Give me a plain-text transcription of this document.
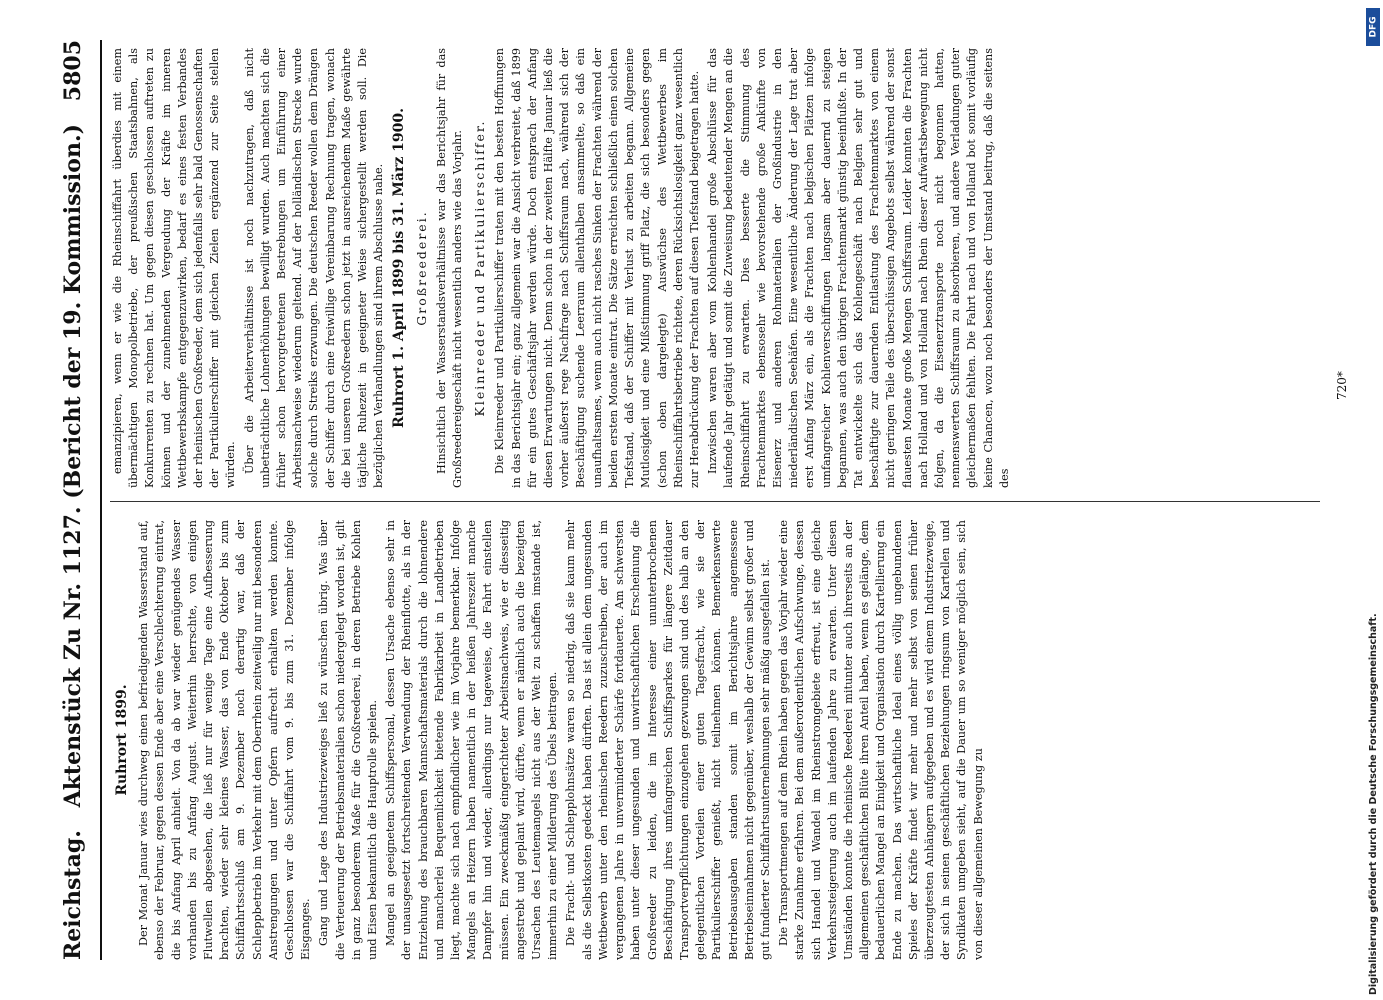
Reichstag.
Aktenstück Zu Nr. 1127. (Bericht der 19. Kommission.)
5805
Ruhrort 1899. Der Monat Januar wies durchweg einen befriedigenden Wasserstand auf, ebenso der Februar, gegen dessen Ende aber eine Verschlechterung eintrat, die bis Anfang April anhielt. Von da ab war wieder genügendes Wasser vorhanden bis zu Anfang August. Weiterhin herrschte, von einigen Flutwellen abgesehen, die ließ nur für wenige Tage eine Aufbesserung brachten, wieder sehr kleines Wasser, das von Ende Oktober bis zum Schiffahrtsschluß am 9. Dezember noch derartig war, daß der Schleppbetrieb im Verkehr mit dem Oberrhein zeitweilig nur mit besonderen Anstrengungen und unter Opfern aufrecht erhalten werden konnte. Geschlossen war die Schiffahrt vom 9. bis zum 31. Dezember infolge Eisganges. Gang und Lage des Industriezweiges ließ zu wünschen übrig. Was über die Verteuerung der Betriebsmaterialien schon niedergelegt worden ist, gilt in ganz besonderem Maße für die Großreederei, in deren Betriebe Kohlen und Eisen bekanntlich die Hauptrolle spielen. Mangel an geeignetem Schiffspersonal, dessen Ursache ebenso sehr in der unausgesetzt fortschreitenden Verwendung der Rheinflotte, als in der Entziehung des brauchbaren Mannschaftsmaterials durch die lohnendere und mancherlei Bequemlichkeit bietende Fabrikarbeit in Landbetrieben liegt, machte sich nach empfindlicher wie im Vorjahre bemerkbar. Infolge Mangels an Heizern haben namentlich in der heißen Jahreszeit manche Dampfer hin und wieder, allerdings nur tageweise, die Fahrt einstellen müssen. Ein zweckmäßig eingerichteter Arbeitsnachweis, wie er diesseitig angestrebt und geplant wird, dürfte, wenn er nämlich auch die bezeigten Ursachen des Leutemangels nicht aus der Welt zu schaffen imstande ist, immerhin zu einer Milderung des Übels beitragen. Die Fracht- und Schlepplohnsätze waren so niedrig, daß sie kaum mehr als die Selbstkosten gedeckt haben dürften. Das ist allein dem ungesunden Wettbewerb unter den rheinischen Reedern zuzuschreiben, der auch im vergangenen Jahre in unverminderter Schärfe fortdauerte. Am schwersten haben unter dieser ungesunden und unwirtschaftlichen Erscheinung die Großreeder zu leiden, die im Interesse einer ununterbrochenen Beschäftigung ihres umfangreichen Schiffsparkes für längere Zeitdauer Transportverpflichtungen einzugehen gezwungen sind und des halb an den gelegentlichen Vorteilen einer guten Tagesfracht, wie sie der Partikulierschiffer genießt, nicht teilnehmen können. Bemerkenswerte Betriebsausgaben standen somit im Berichtsjahre angemessene Betriebseinnahmen nicht gegenüber, weshalb der Gewinn selbst großer und gut fundierter Schiffahrtsunternehmungen sehr mäßig ausgefallen ist. Die Transportmengen auf dem Rhein haben gegen das Vorjahr wieder eine starke Zunahme erfahren. Bei dem außerordentlichen Aufschwunge, dessen sich Handel und Wandel im Rheinstromgebiete erfreut, ist eine gleiche Verkehrssteigerung auch im laufenden Jahre zu erwarten. Unter diesen Umständen konnte die rheinische Reederei mitunter auch ihrerseits an der allgemeinen geschäftlichen Blüte ihren Anteil haben, wenn es gelänge, dem bedauerlichen Mangel an Einigkeit und Organisation durch Kartellierung ein Ende zu machen. Das wirtschaftliche Ideal eines völlig ungebundenen Spieles der Kräfte findet wir mehr und mehr selbst von seinen früher überzeugtesten Anhängern aufgegeben und es wird einem Industriezweige, der sich in seinen geschäftlichen Beziehungen ringsum von Kartellen und Syndikaten umgeben sieht, auf die Dauer um so weniger möglich sein, sich von dieser allgemeinen Bewegung zu

emanzipieren, wenn er wie die Rheinschiffahrt überdies mit einem übermächtigen Monopolbetriebe, der preußischen Staatsbahnen, als Konkurrenten zu rechnen hat. Um gegen diesen geschlossen auftreten zu können und der zunehmenden Vergeudung der Kräfte im inneren Wettbewerbskampfe entgegenzuwirken, bedarf es eines festen Verbandes der rheinischen Großreeder, dem sich jedenfalls sehr bald Genossenschaften der Partikulierschiffer mit gleichen Zielen ergänzend zur Seite stellen würden. Über die Arbeiterverhältnisse ist noch nachzutragen, daß nicht unbeträchtliche Lohnerhöhungen bewilligt wurden. Auch machten sich die früher schon hervorgetretenen Bestrebungen um Einführung einer Arbeitsnachweise wiederum geltend. Auf der holländischen Strecke wurde solche durch Streiks erzwungen. Die deutschen Reeder wollen dem Drängen der Schiffer durch eine freiwillige Vereinbarung Rechnung tragen, wonach die bei unseren Großreedern schon jetzt in ausreichendem Maße gewährte tägliche Ruhezeit in geeigneter Weise sichergestellt werden soll. Die bezüglichen Verhandlungen sind ihrem Abschlusse nahe. Ruhrort 1. April 1899 bis 31. März 1900. Großreederei. Hinsichtlich der Wasserstandsverhältnisse war das Berichtsjahr für das Großreedereigeschäft nicht wesentlich anders wie das Vorjahr. Kleinreeder und Partikulierschiffer. Die Kleinreeder und Partikulierschiffer traten mit den besten Hoffnungen in das Berichtsjahr ein; ganz allgemein war die Ansicht verbreitet, daß 1899 für ein gutes Geschäftsjahr werden würde. Doch entsprach der Anfang diesen Erwartungen nicht. Denn schon in der zweiten Hälfte Januar ließ die vorher äußerst rege Nachfrage nach Schiffsraum nach, während sich der Beschäftigung suchende Leerraum allenthalben ansammelte, so daß ein unaufhaltsames, wenn auch nicht rasches Sinken der Frachten während der beiden ersten Monate eintrat. Die Sätze erreichten schließlich einen solchen Tiefstand, daß der Schiffer mit Verlust zu arbeiten begann. Allgemeine Mutlosigkeit und eine Mißstimmung griff Platz, die sich besonders gegen (schon oben dargelegte) Auswüchse des Wettbewerbes im Rheinschiffahrtsbetriebe richtete, deren Rücksichtslosigkeit ganz wesentlich zur Herabdrückung der Frachten auf diesen Tiefstand beigetragen hatte. Inzwischen waren aber vom Kohlenhandel große Abschlüsse für das laufende Jahr getätigt und somit die Zuweisung bedeutender Mengen an die Rheinschiffahrt zu erwarten. Dies besserte die Stimmung des Frachtenmarktes ebensosehr wie bevorstehende große Ankünfte von Eisenerz und anderen Rohmaterialien der Großindustrie in den niederländischen Seehäfen. Eine wesentliche Änderung der Lage trat aber erst Anfang März ein, als die Frachten nach belgischen Plätzen infolge umfangreicher Kohlenverschiffungen langsam aber dauernd zu steigen begannen, was auch den übrigen Frachtenmarkt günstig beeinflußte. In der Tat entwickelte sich das Kohlengeschäft nach Belgien sehr gut und beschäftigte zur dauernden Entlastung des Frachtenmarktes von einem nicht geringen Teile des überschüssigen Angebots selbst während der sonst flauesten Monate große Mengen Schiffsraum. Leider konnten die Frachten nach Holland und von Holland nach Rhein dieser Aufwärtsbewegung nicht folgen, da die Eisenerztransporte noch nicht begonnen hatten, nennenswerten Schiffsraum zu absorbieren, und andere Verladungen guter gleichermaßen fehlten. Die Fahrt nach und von Holland bot somit vorläufig keine Chancen, wozu noch besonders der Umstand beitrug, daß die seitens des

720*
DFG
Digitalisierung gefördert durch die Deutsche Forschungsgemeinschaft.
